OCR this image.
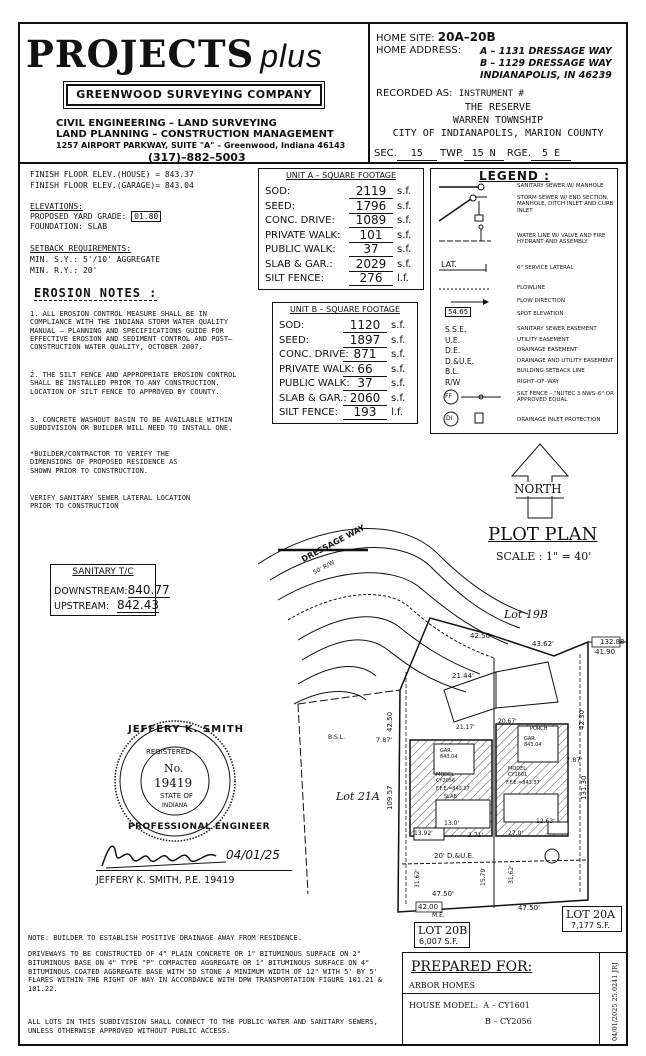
PROJECTS plus
GREENWOOD SURVEYING COMPANY
CIVIL ENGINEERING – LAND SURVEYING
LAND PLANNING – CONSTRUCTION MANAGEMENT
1257 AIRPORT PARKWAY, SUITE "A" – Greenwood, Indiana 46143
(317)–882–5003
HOME SITE: 20A–20B
HOME ADDRESS: A – 1131 DRESSAGE WAY
B – 1129 DRESSAGE WAY
INDIANAPOLIS, IN 46239
RECORDED AS: INSTRUMENT #
THE RESERVE
WARREN TOWNSHIP
CITY OF INDIANAPOLIS, MARION COUNTY
SEC. 15 TWP. 15 N RGE. 5 E
FINISH FLOOR ELEV.(HOUSE) = 843.37
FINISH FLOOR ELEV.(GARAGE)= 843.04
ELEVATIONS:
PROPOSED YARD GRADE: 01.80
FOUNDATION: SLAB
SETBACK REQUIREMENTS:
MIN. S.Y.: 5'/10' AGGREGATE
MIN. R.Y.: 20'
EROSION NOTES :
1. ALL EROSION CONTROL MEASURE SHALL BE IN COMPLIANCE WITH THE INDIANA STORM WATER QUALITY MANUAL – PLANNING AND SPECIFICATIONS GUIDE FOR EFFECTIVE EROSION AND SEDIMENT CONTROL AND POST–CONSTRUCTION WATER QUALITY, OCTOBER 2007.
2. THE SILT FENCE AND APPROPRIATE EROSION CONTROL SHALL BE INSTALLED PRIOR TO ANY CONSTRUCTION. LOCATION OF SILT FENCE TO APPROVED BY COUNTY.
3. CONCRETE WASHOUT BASIN TO BE AVAILABLE WITHIN SUBDIVISION OR BUILDER WILL NEED TO INSTALL ONE.
*BUILDER/CONTRACTOR TO VERIFY THE DIMENSIONS OF PROPOSED RESIDENCE AS SHOWN PRIOR TO CONSTRUCTION.
VERIFY SANITARY SEWER LATERAL LOCATION PRIOR TO CONSTRUCTION
UNIT A – SQUARE FOOTAGE
SOD:	2119	s.f.
SEED:	1796	s.f.
CONC. DRIVE:	1089	s.f.
PRIVATE WALK:	101	s.f.
PUBLIC WALK:	37	s.f.
SLAB & GAR.:	2029	s.f.
SILT FENCE:	276	l.f.
UNIT B – SQUARE FOOTAGE
SOD:	1120	s.f.
SEED:	1897	s.f.
CONC. DRIVE: 871	s.f.
PRIVATE WALK: 66	s.f.
PUBLIC WALK: 37	s.f.
SLAB & GAR.: 2060	s.f.
SILT FENCE:	193	l.f.
LEGEND :
SANITARY SEWER W/ MANHOLE
STORM SEWER W/ END SECTION, MANHOLE, DITCH INLET AND CURB INLET
WATER LINE W/ VALVE AND FIRE HYDRANT AND ASSEMBLY
LAT.	6" SERVICE LATERAL
FLOWLINE
FLOW DIRECTION
54.65	SPOT ELEVATION
S.S.E.	SANITARY SEWER EASEMENT
U.E.	UTILITY EASEMENT
D.E.	DRAINAGE EASEMENT
D.&U.E.	DRAINAGE AND UTILITY EASEMENT
B.L.	BUILDING SETBACK LINE
R/W	RIGHT–OF–WAY
FF	SILT FENCE – "NUTEC 3 NWS–6" OR APPROVED EQUAL
DI	DRAINAGE INLET PROTECTION
NORTH
PLOT PLAN
SCALE : 1" = 40'
SANITARY T/C
DOWNSTREAM:840.77
UPSTREAM: 842.43
JEFFERY K. SMITH
REGISTERED
No.
19419
STATE OF
INDIANA
PROFESSIONAL ENGINEER
04/01/25
JEFFERY K. SMITH, P.E. 19419
DRESSAGE WAY
50' R/W
Lot 19B
Lot 21A
B.S.L.
20' D.&U.E.
M.E.
43.62'	132.88
41.90
42.50
47.50'
47.50'
42.00
109.57	131.30
21.44'
7.87'
7.87'
20.67'
21.17'
42.50	42.30
MODEL: CY2056
F.F.E.=843.37
MODEL: CY1601
F.F.E.=843.37
GAR. 843.04
GAR. 843.04
SLAB
PORCH
27.0'
13.0'
2.71'
12.63'
13.92'
15.79'
31.62'	31.62'
LOT 20A
7,177 S.F.
LOT 20B
6,007 S.F.
NOTE: BUILDER TO ESTABLISH POSITIVE DRAINAGE AWAY FROM RESIDENCE.
DRIVEWAYS TO BE CONSTRUCTED OF 4" PLAIN CONCRETE OR 1" BITUMINOUS SURFACE ON 2" BITUMINOUS BASE ON 4" TYPE "P" COMPACTED AGGREGATE OR 1" BITUMINOUS SURFACE ON 4" BITUMINOUS COATED AGGREGATE BASE WITH 5D STONE A MINIMUM WIDTH OF 12" WITH 5' BY 5' FLARES WITHIN THE RIGHT OF WAY IN ACCORDANCE WITH DPW TRANSPORTATION FIGURE 101.21 & 101.22.
ALL LOTS IN THIS SUBDIVISION SHALL CONNECT TO THE PUBLIC WATER AND SANITARY SEWERS, UNLESS OTHERWISE APPROVED WITHOUT PUBLIC ACCESS.
PREPARED FOR:
ARBOR HOMES
HOUSE MODEL: A – CY1601
B – CY2056	04/01/2025 25.0241 JRJ
